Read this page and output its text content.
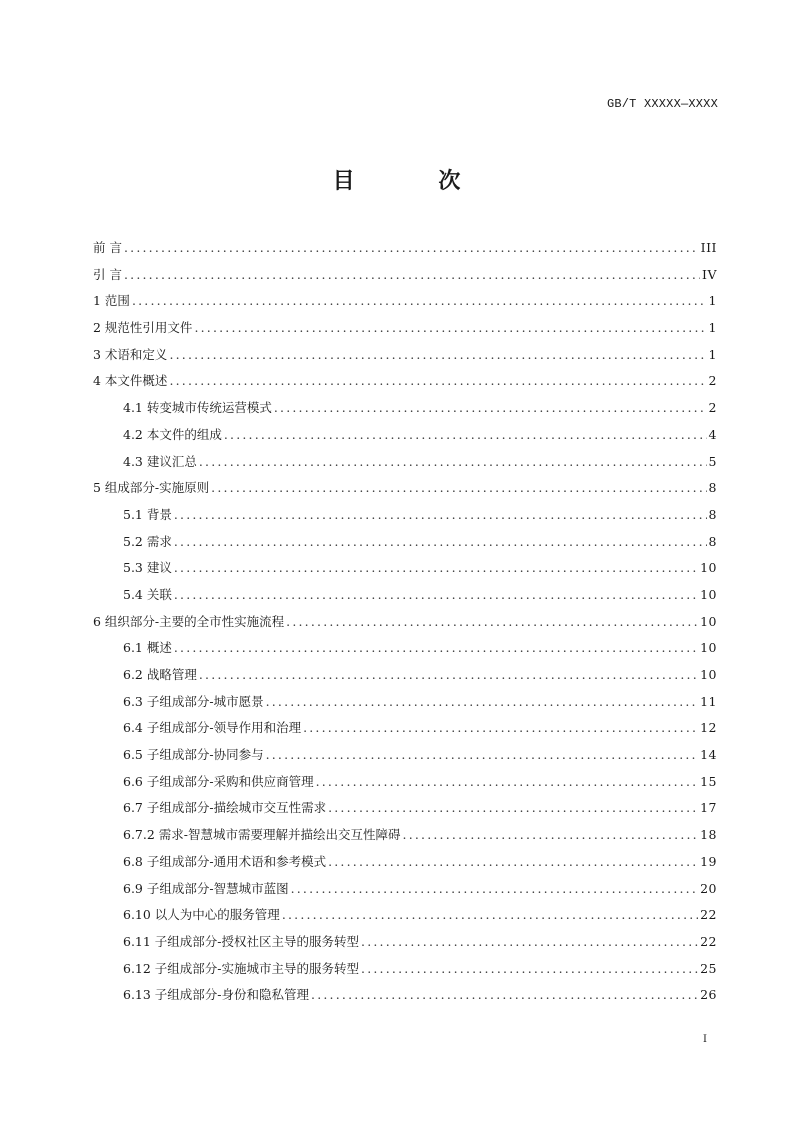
GB/T XXXXX—XXXX
目 次
前 言 .....	III
引 言 .....	IV
1 范围 .....	1
2 规范性引用文件 .....	1
3 术语和定义 .....	1
4 本文件概述 .....	2
4.1 转变城市传统运营模式 .....	2
4.2 本文件的组成 .....	4
4.3 建议汇总 .....	5
5 组成部分-实施原则 .....	8
5.1 背景 .....	8
5.2 需求 .....	8
5.3 建议 .....	10
5.4 关联 .....	10
6 组织部分-主要的全市性实施流程 .....	10
6.1 概述 .....	10
6.2 战略管理 .....	10
6.3 子组成部分-城市愿景 .....	11
6.4 子组成部分-领导作用和治理 .....	12
6.5 子组成部分-协同参与 .....	14
6.6 子组成部分-采购和供应商管理 .....	15
6.7 子组成部分-描绘城市交互性需求 .....	17
6.7.2 需求-智慧城市需要理解并描绘出交互性障碍 .....	18
6.8 子组成部分-通用术语和参考模式 .....	19
6.9 子组成部分-智慧城市蓝图 .....	20
6.10 以人为中心的服务管理 .....	22
6.11 子组成部分-授权社区主导的服务转型 .....	22
6.12 子组成部分-实施城市主导的服务转型 .....	25
6.13 子组成部分-身份和隐私管理 .....	26
I
